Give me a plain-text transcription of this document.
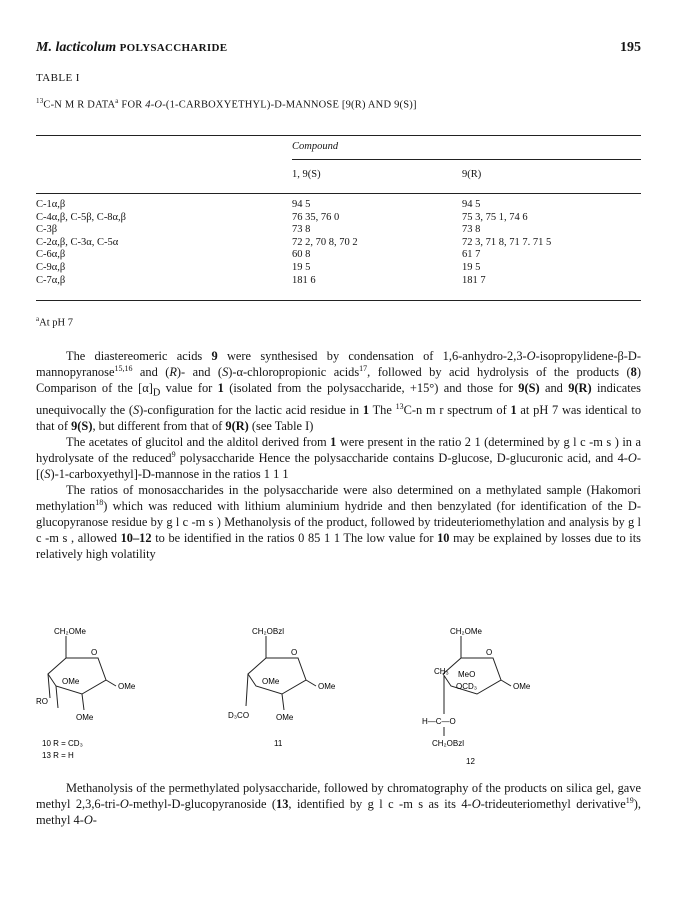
M. lacticolum POLYSACCHARIDE	195
TABLE I
$^{13}$C-N M R DATA$^a$ FOR 4-O-(1-CARBOXYETHYL)-D-MANNOSE [9(R) AND 9(S)]
Compound
1, 9(S)	9(R)
C-1α,β	94 5	94 5
C-4α,β, C-5β, C-8α,β	76 35, 76 0	75 3, 75 1, 74 6
C-3β	73 8	73 8
C-2α,β, C-3α, C-5α	72 2, 70 8, 70 2	72 3, 71 8, 71 7. 71 5
C-6α,β	60 8	61 7
C-9α,β	19 5	19 5
C-7α,β	181 6	181 7
$^a$At pH 7

The diastereomeric acids 9 were synthesised by condensation of 1,6-anhydro-2,3-O-isopropylidene-β-D-mannopyranose$^{15,16}$ and (R)- and (S)-α-chloropropionic acids$^{17}$, followed by acid hydrolysis of the products (8) Comparison of the $[\alpha]_D$ value for 1 (isolated from the polysaccharide, +15°) and those for 9(S) and 9(R) indicates unequivocally the (S)-configuration for the lactic acid residue in 1 The $^{13}$C-n m r spectrum of 1 at pH 7 was identical to that of 9(S), but different from that of 9(R) (see Table I)

The acetates of glucitol and the alditol derived from 1 were present in the ratio 2 1 (determined by g l c -m s ) in a hydrolysate of the reduced$^9$ polysaccharide Hence the polysaccharide contains D-glucose, D-glucuronic acid, and 4-O-[(S)-1-carboxyethyl]-D-mannose in the ratios 1 1 1

The ratios of monosaccharides in the polysaccharide were also determined on a methylated sample (Hakomori methylation$^{18}$) which was reduced with lithium aluminium hydride and then benzylated (for identification of the D-glucopyranose residue by g l c -m s ) Methanolysis of the product, followed by trideuteriomethylation and analysis by g l c -m s , allowed 10–12 to be identified in the ratios 0 85 1 1 The low value for 10 may be explained by losses due to its relatively high volatility

CH₂OMe
O
OMe
OMe
RO
OMe
10 R = CD₃
13 R = H
CH₂OBzl
O
OMe
OMe
D₃CO	OMe
11
CH₂OMe
O
CH₃ MeO
OCD₃	OMe
H—C—O
CH₂OBzl
12

Methanolysis of the permethylated polysaccharide, followed by chromatography of the products on silica gel, gave methyl 2,3,6-tri-O-methyl-D-glucopyranoside (13, identified by g l c -m s as its 4-O-trideuteriomethyl derivative$^{19}$), methyl 4-O-
